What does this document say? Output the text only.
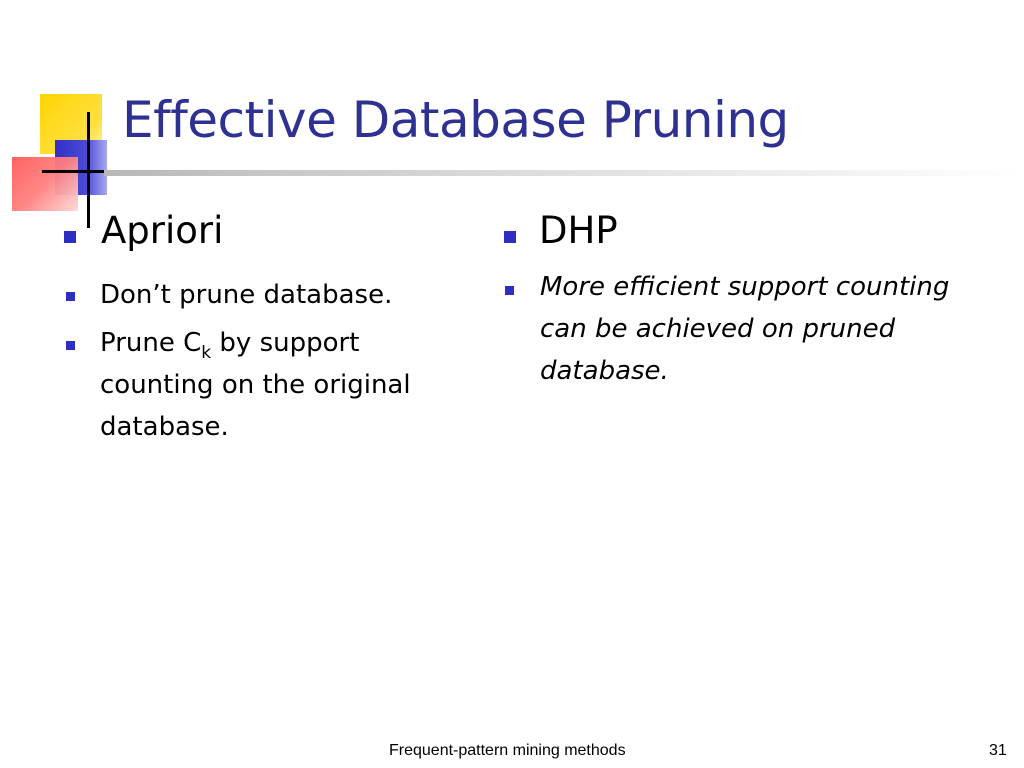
Effective Database Pruning
Apriori
Don’t prune database.
Prune $C_k$ by support counting on the original database.
DHP
More efficient support counting can be achieved on pruned database.
Frequent-pattern mining methods	31
